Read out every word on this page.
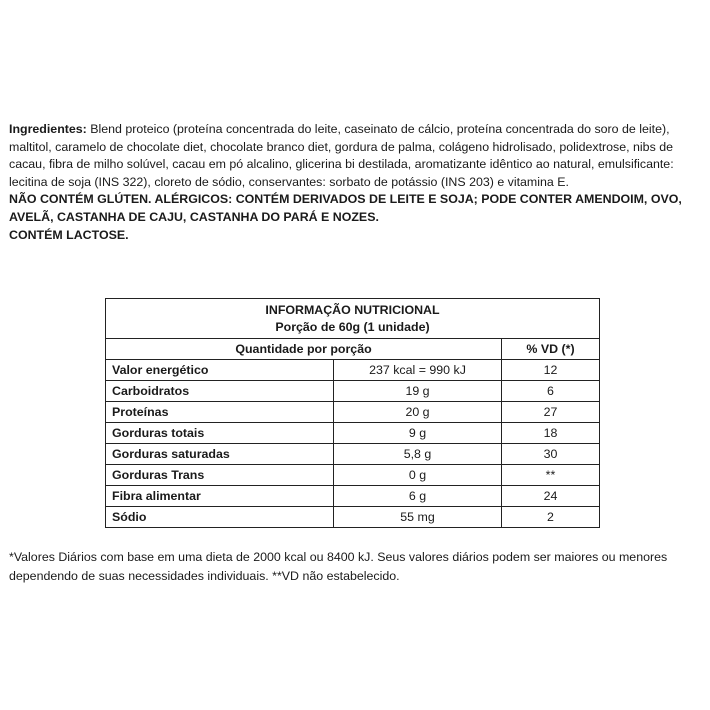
Ingredientes: Blend proteico (proteína concentrada do leite, caseinato de cálcio, proteína concentrada do soro de leite), maltitol, caramelo de chocolate diet, chocolate branco diet, gordura de palma, colágeno hidrolisado, polidextrose, nibs de cacau, fibra de milho solúvel, cacau em pó alcalino, glicerina bi destilada, aromatizante idêntico ao natural, emulsificante: lecitina de soja (INS 322), cloreto de sódio, conservantes: sorbato de potássio (INS 203) e vitamina E.
NÃO CONTÉM GLÚTEN. ALÉRGICOS: CONTÉM DERIVADOS DE LEITE E SOJA; PODE CONTER AMENDOIM, OVO, AVELÃ, CASTANHA DE CAJU, CASTANHA DO PARÁ E NOZES.
CONTÉM LACTOSE.
INFORMAÇÃO NUTRICIONAL
Porção de 60g (1 unidade)		

Quantidade por porção		% VD (*)
Valor energético	237 kcal = 990 kJ	12
Carboidratos	19 g	6
Proteínas	20 g	27
Gorduras totais	9 g	18
Gorduras saturadas	5,8 g	30
Gorduras Trans	0 g	**
Fibra alimentar	6 g	24
Sódio	55 mg	2
*Valores Diários com base em uma dieta de 2000 kcal ou 8400 kJ. Seus valores diários podem ser maiores ou menores dependendo de suas necessidades individuais. **VD não estabelecido.
